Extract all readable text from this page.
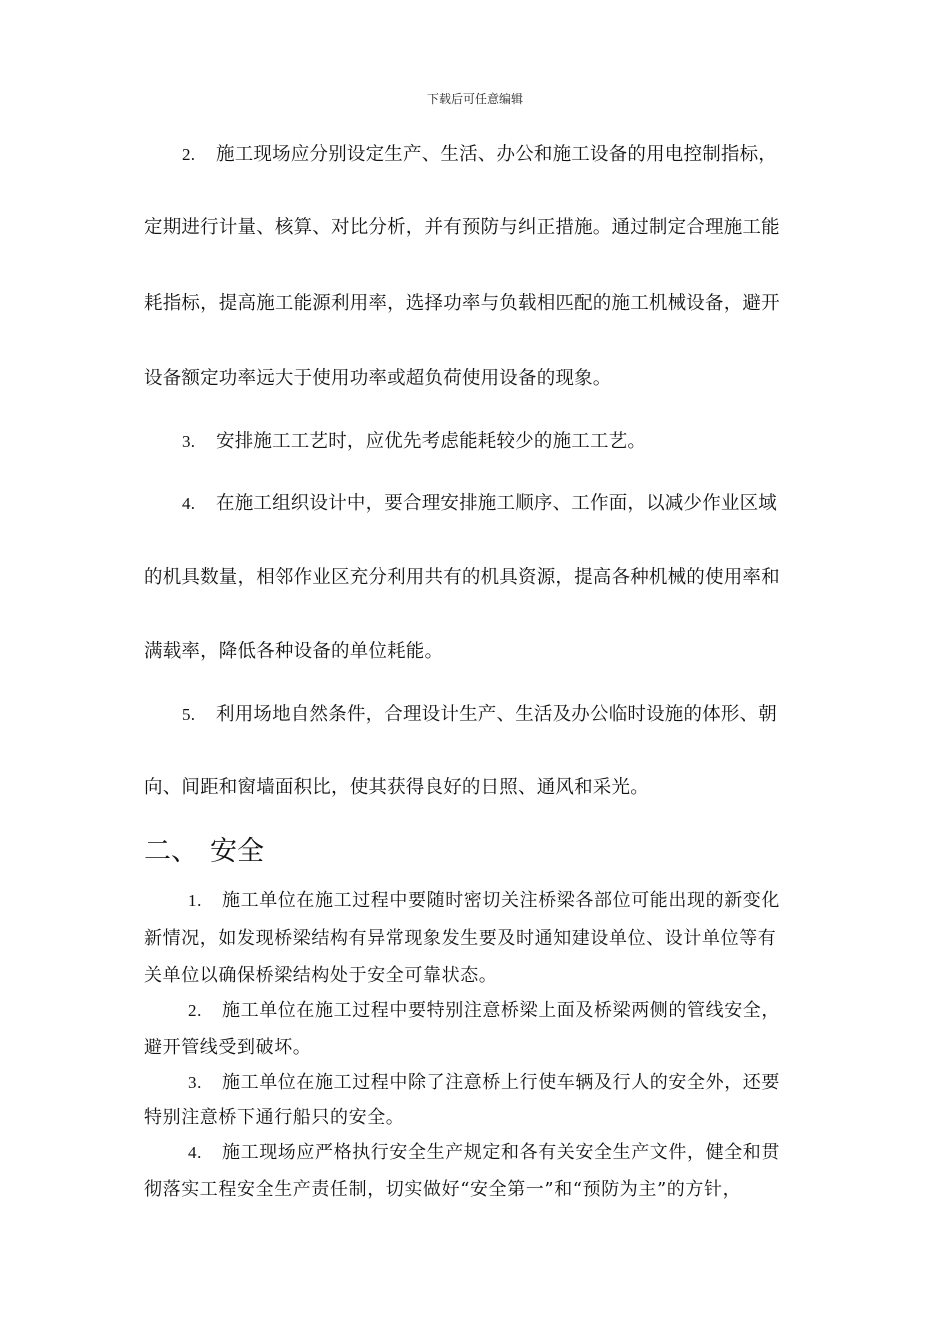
下载后可任意编辑
2. 施工现场应分别设定生产、生活、办公和施工设备的用电控制指标，
定期进行计量、核算、对比分析，并有预防与纠正措施。通过制定合理施工能
耗指标，提高施工能源利用率，选择功率与负载相匹配的施工机械设备，避开
设备额定功率远大于使用功率或超负荷使用设备的现象。
3. 安排施工工艺时，应优先考虑能耗较少的施工工艺。
4. 在施工组织设计中，要合理安排施工顺序、工作面，以减少作业区域
的机具数量，相邻作业区充分利用共有的机具资源，提高各种机械的使用率和
满载率，降低各种设备的单位耗能。
5. 利用场地自然条件，合理设计生产、生活及办公临时设施的体形、朝
向、间距和窗墙面积比，使其获得良好的日照、通风和采光。
二、 安全
1. 施工单位在施工过程中要随时密切关注桥梁各部位可能出现的新变化
新情况，如发现桥梁结构有异常现象发生要及时通知建设单位、设计单位等有
关单位以确保桥梁结构处于安全可靠状态。
2. 施工单位在施工过程中要特别注意桥梁上面及桥梁两侧的管线安全，
避开管线受到破坏。
3. 施工单位在施工过程中除了注意桥上行使车辆及行人的安全外，还要
特别注意桥下通行船只的安全。
4. 施工现场应严格执行安全生产规定和各有关安全生产文件，健全和贯
彻落实工程安全生产责任制，切实做好“安全第一”和“预防为主”的方针，
